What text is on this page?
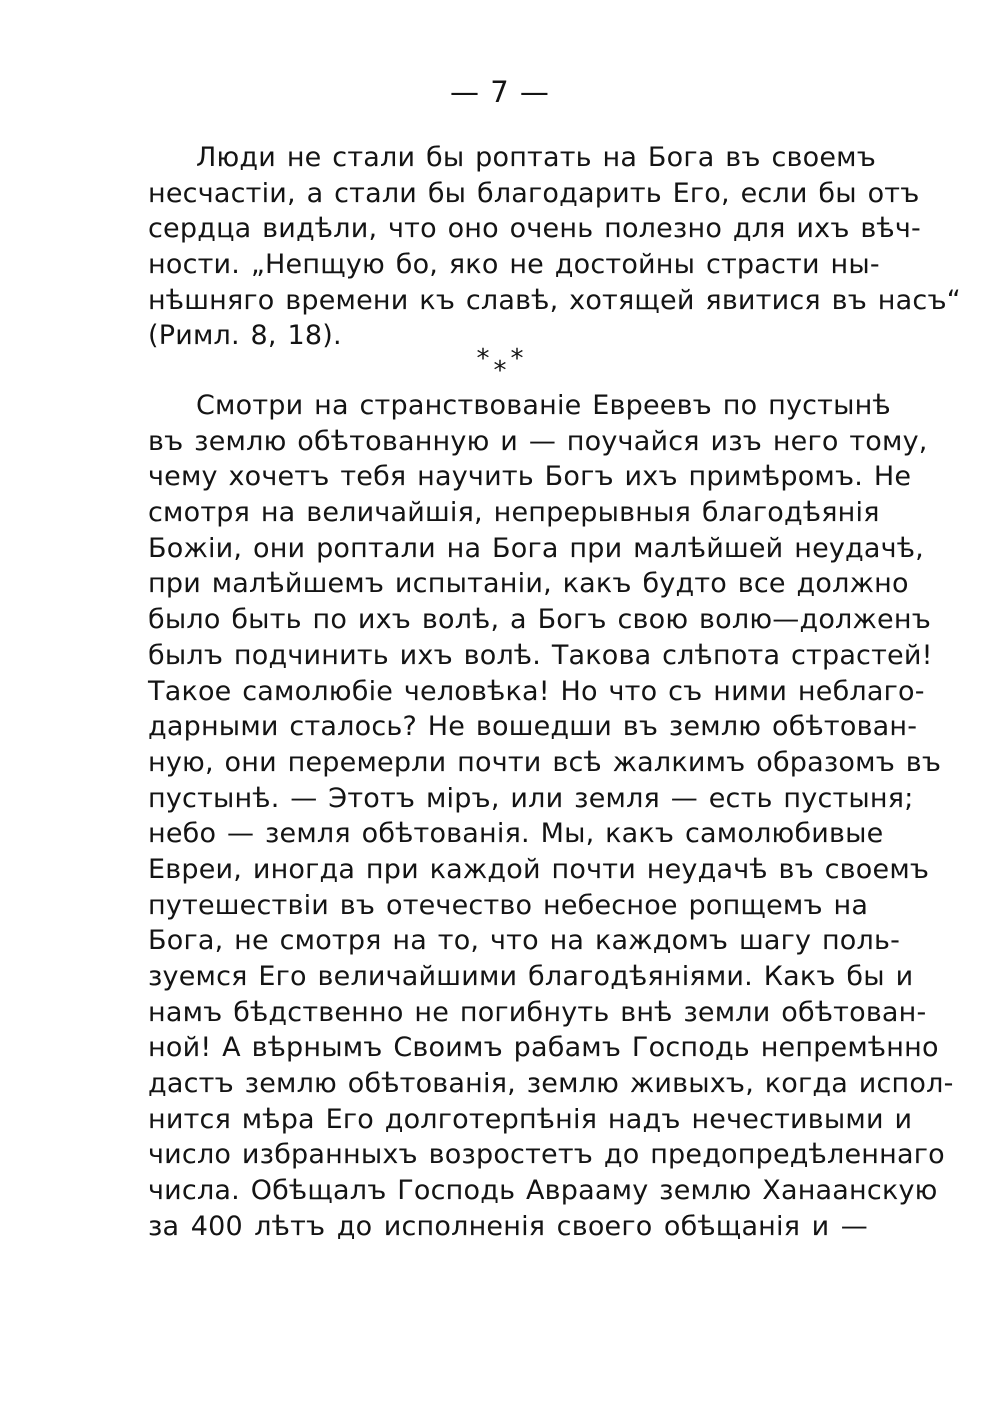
— 7 —
Люди не стали бы роптать на Бога въ своемъ
несчастіи, а стали бы благодарить Его, если бы отъ
сердца видѣли, что оно очень полезно для ихъ вѣч-
ности. „Непщую бо, яко не достойны страсти ны-
нѣшняго времени къ славѣ, хотящей явитися въ насъ“
(Римл. 8, 18).
* * *
Смотри на странствованіе Евреевъ по пустынѣ
въ землю обѣтованную и — поучайся изъ него тому,
чему хочетъ тебя научить Богъ ихъ примѣромъ. Не
смотря на величайшія, непрерывныя благодѣянія
Божіи, они роптали на Бога при малѣйшей неудачѣ,
при малѣйшемъ испытаніи, какъ будто все должно
было быть по ихъ волѣ, а Богъ свою волю—долженъ
былъ подчинить ихъ волѣ. Такова слѣпота страстей!
Такое самолюбіе человѣка! Но что съ ними неблаго-
дарными сталось? Не вошедши въ землю обѣтован-
ную, они перемерли почти всѣ жалкимъ образомъ въ
пустынѣ. — Этотъ міръ, или земля — есть пустыня;
небо — земля обѣтованія. Мы, какъ самолюбивые
Евреи, иногда при каждой почти неудачѣ въ своемъ
путешествіи въ отечество небесное ропщемъ на
Бога, не смотря на то, что на каждомъ шагу поль-
зуемся Его величайшими благодѣяніями. Какъ бы и
намъ бѣдственно не погибнуть внѣ земли обѣтован-
ной! А вѣрнымъ Своимъ рабамъ Господь непремѣнно
дастъ землю обѣтованія, землю живыхъ, когда испол-
нится мѣра Его долготерпѣнія надъ нечестивыми и
число избранныхъ возростетъ до предопредѣленнаго
числа. Обѣщалъ Господь Аврааму землю Ханаанскую
за 400 лѣтъ до исполненія своего обѣщанія и —
